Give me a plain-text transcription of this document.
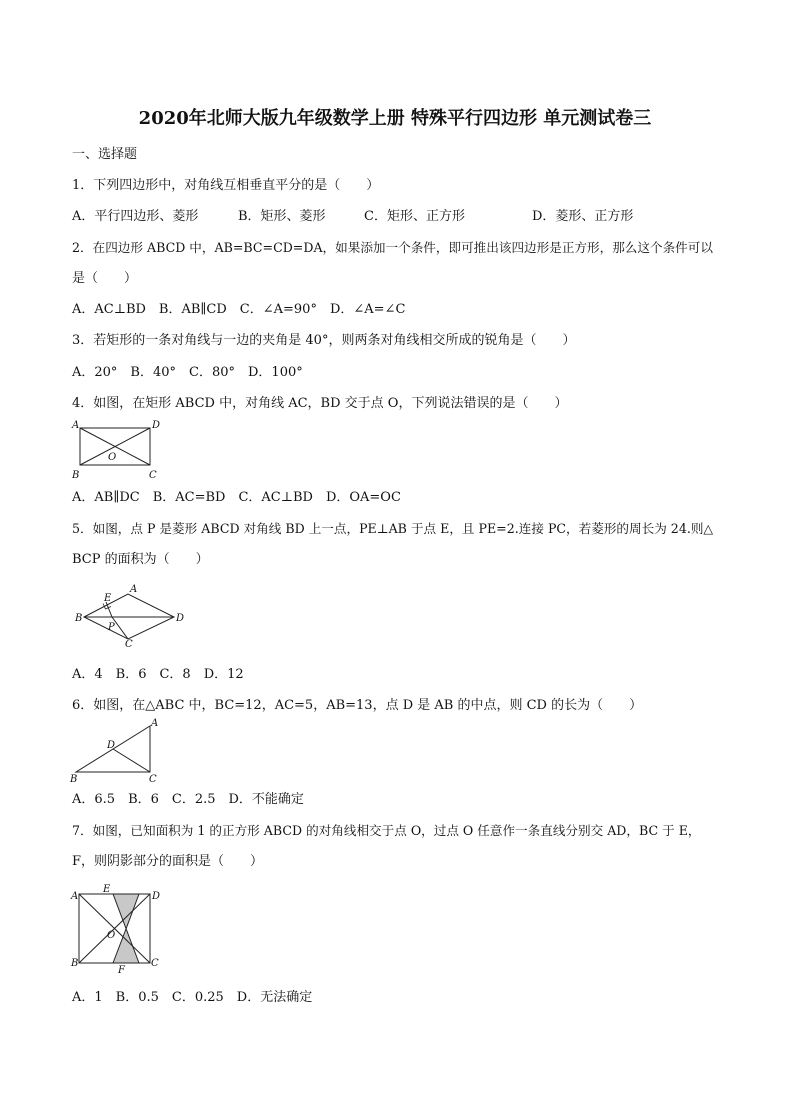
2020年北师大版九年级数学上册 特殊平行四边形 单元测试卷三
一、选择题
1．下列四边形中，对角线互相垂直平分的是（　　）
A．平行四边形、菱形	B．矩形、菱形	C．矩形、正方形	D．菱形、正方形
2．在四边形 ABCD 中，AB=BC=CD=DA，如果添加一个条件，即可推出该四边形是正方形，那么这个条件可以
是（　　）
A．AC⊥BD　B．AB∥CD　C．∠A=90°　D．∠A=∠C
3．若矩形的一条对角线与一边的夹角是 40°，则两条对角线相交所成的锐角是（　　）
A．20°　B．40°　C．80°　D．100°
4．如图，在矩形 ABCD 中，对角线 AC，BD 交于点 O，下列说法错误的是（　　）
A	D
B	C
O
A．AB∥DC　B．AC=BD　C．AC⊥BD　D．OA=OC
5．如图，点 P 是菱形 ABCD 对角线 BD 上一点，PE⊥AB 于点 E，且 PE=2.连接 PC，若菱形的周长为 24.则△
BCP 的面积为（　　）
A
B
C
D
E
P
A．4　B．6　C．8　D．12
6．如图，在△ABC 中，BC=12，AC=5，AB=13，点 D 是 AB 的中点，则 CD 的长为（　　）
A
B	C
D
A．6.5　B．6　C．2.5　D．不能确定
7．如图，已知面积为 1 的正方形 ABCD 的对角线相交于点 O，过点 O 任意作一条直线分别交 AD，BC 于 E，
F，则阴影部分的面积是（　　）
A	D
B	C
E
F
O
A．1　B．0.5　C．0.25　D．无法确定
